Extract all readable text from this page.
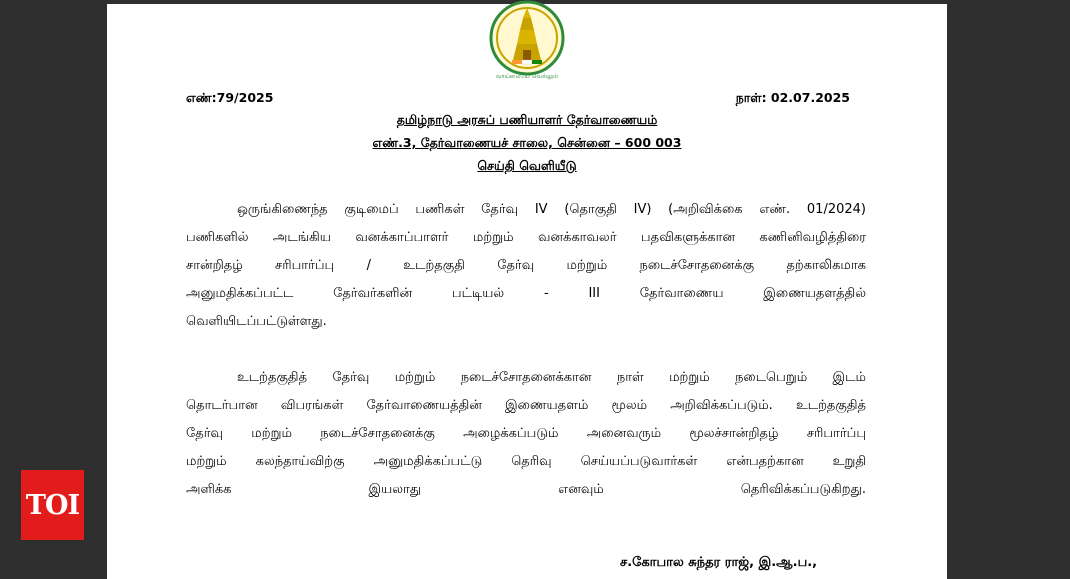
வாய்மையே வெல்லும்
எண்:79/2025	நாள்: 02.07.2025
தமிழ்நாடு அரசுப் பணியாளர் தேர்வாணையம்
எண்.3, தேர்வாணையச் சாலை, சென்னை – 600 003
செய்தி வெளியீடு
ஒருங்கிணைந்த குடிமைப் பணிகள் தேர்வு IV (தொகுதி IV) (அறிவிக்கை எண். 01/2024)
பணிகளில் அடங்கிய வனக்காப்பாளர் மற்றும் வனக்காவலர் பதவிகளுக்கான கணினிவழித்திரை
சான்றிதழ் சரிபார்ப்பு / உடற்தகுதி தேர்வு மற்றும் நடைச்சோதனைக்கு தற்காலிகமாக
அனுமதிக்கப்பட்ட தேர்வர்களின் பட்டியல் - III தேர்வாணைய இணையதளத்தில்
வெளியிடப்பட்டுள்ளது.
உடற்தகுதித் தேர்வு மற்றும் நடைச்சோதனைக்கான நாள் மற்றும் நடைபெறும் இடம்
தொடர்பான விபரங்கள் தேர்வாணையத்தின் இணையதளம் மூலம் அறிவிக்கப்படும். உடற்தகுதித்
தேர்வு மற்றும் நடைச்சோதனைக்கு அழைக்கப்படும் அனைவரும் மூலச்சான்றிதழ் சரிபார்ப்பு
மற்றும் கலந்தாய்விற்கு அனுமதிக்கப்பட்டு தெரிவு செய்யப்படுவார்கள் என்பதற்கான உறுதி
அளிக்க இயலாது எனவும் தெரிவிக்கப்படுகிறது.
ச.கோபால சுந்தர ராஜ், இ.ஆ.ப.,
TOI
